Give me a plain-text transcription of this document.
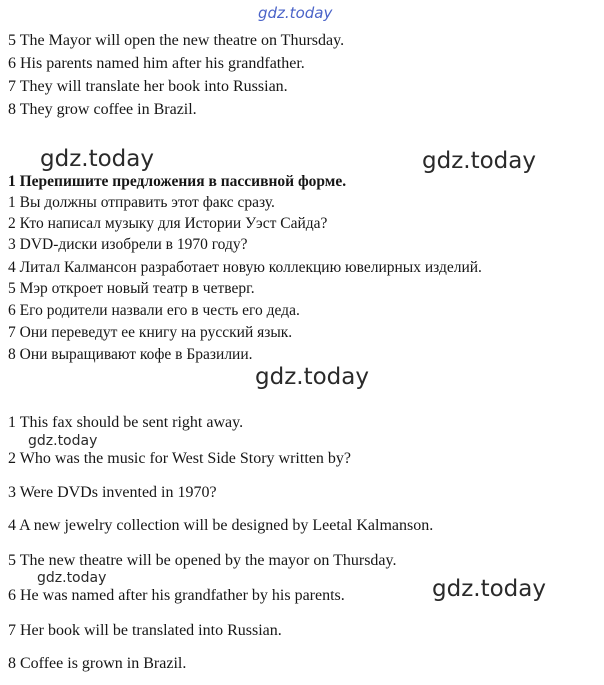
gdz.today
gdz.today	gdz.today
gdz.today
gdz.today
gdz.today	gdz.today
5 The Mayor will open the new theatre on Thursday.
6 His parents named him after his grandfather.
7 They will translate her book into Russian.
8 They grow coffee in Brazil.
1 Перепишите предложения в пассивной форме.
1 Вы должны отправить этот факс сразу.
2 Кто написал музыку для Истории Уэст Сайда?
3 DVD-диски изобрели в 1970 году?
4 Литал Калмансон разработает новую коллекцию ювелирных изделий.
5 Мэр откроет новый театр в четверг.
6 Его родители назвали его в честь его деда.
7 Они переведут ее книгу на русский язык.
8 Они выращивают кофе в Бразилии.
1 This fax should be sent right away.
2 Who was the music for West Side Story written by?
3 Were DVDs invented in 1970?
4 A new jewelry collection will be designed by Leetal Kalmanson.
5 The new theatre will be opened by the mayor on Thursday.
6 He was named after his grandfather by his parents.
7 Her book will be translated into Russian.
8 Coffee is grown in Brazil.
